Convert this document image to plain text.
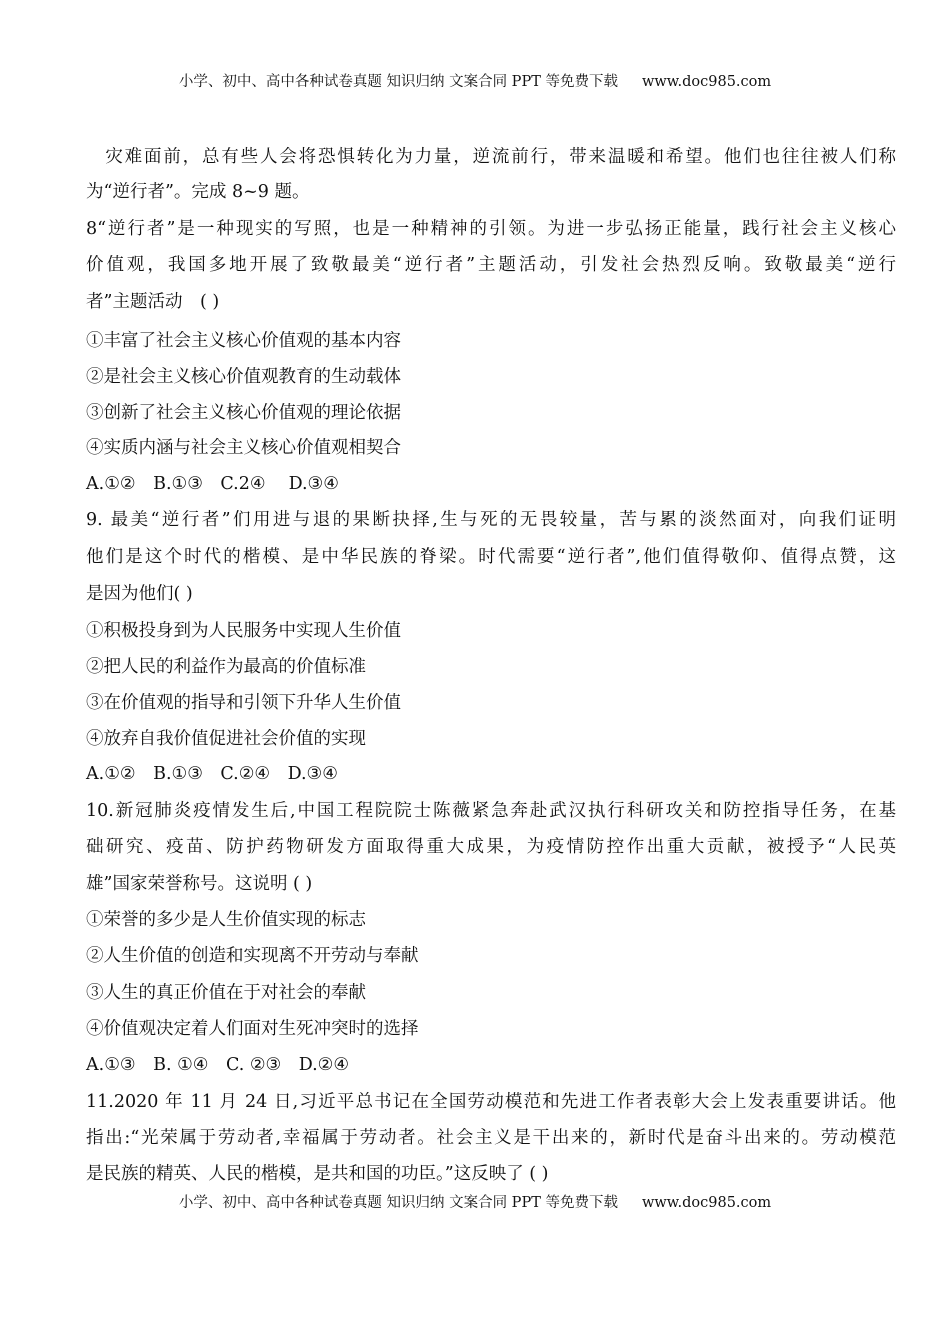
小学、初中、高中各种试卷真题 知识归纳 文案合同 PPT 等免费下载 www.doc985.com
　灾难面前，总有些人会将恐惧转化为力量，逆流前行，带来温暖和希望。他们也往往被人们称
为“逆行者”。完成 8~9 题。
8“逆行者”是一种现实的写照，也是一种精神的引领。为进一步弘扬正能量，践行社会主义核心
价值观，我国多地开展了致敬最美“逆行者”主题活动，引发社会热烈反响。致敬最美“逆行
者”主题活动　( )
①丰富了社会主义核心价值观的基本内容
②是社会主义核心价值观教育的生动载体
③创新了社会主义核心价值观的理论依据
④实质内涵与社会主义核心价值观相契合
A.①②　B.①③　C.2④　 D.③④
9. 最美“逆行者”们用进与退的果断抉择,生与死的无畏较量，苦与累的淡然面对，向我们证明
他们是这个时代的楷模、是中华民族的脊梁。时代需要“逆行者”,他们值得敬仰、值得点赞，这
是因为他们( )
①积极投身到为人民服务中实现人生价值
②把人民的利益作为最高的价值标准
③在价值观的指导和引领下升华人生价值
④放弃自我价值促进社会价值的实现
A.①②　B.①③　C.②④　D.③④
10.新冠肺炎疫情发生后,中国工程院院士陈薇紧急奔赴武汉执行科研攻关和防控指导任务，在基
础研究、疫苗、防护药物研发方面取得重大成果，为疫情防控作出重大贡献，被授予“人民英
雄”国家荣誉称号。这说明 ( )
①荣誉的多少是人生价值实现的标志
②人生价值的创造和实现离不开劳动与奉献
③人生的真正价值在于对社会的奉献
④价值观决定着人们面对生死冲突时的选择
A.①③　B. ①④　C. ②③　D.②④
11.2020 年 11 月 24 日,习近平总书记在全国劳动模范和先进工作者表彰大会上发表重要讲话。他
指出:“光荣属于劳动者,幸福属于劳动者。社会主义是干出来的，新时代是奋斗出来的。劳动模范
是民族的精英、人民的楷模，是共和国的功臣。”这反映了 ( )
小学、初中、高中各种试卷真题 知识归纳 文案合同 PPT 等免费下载 www.doc985.com
